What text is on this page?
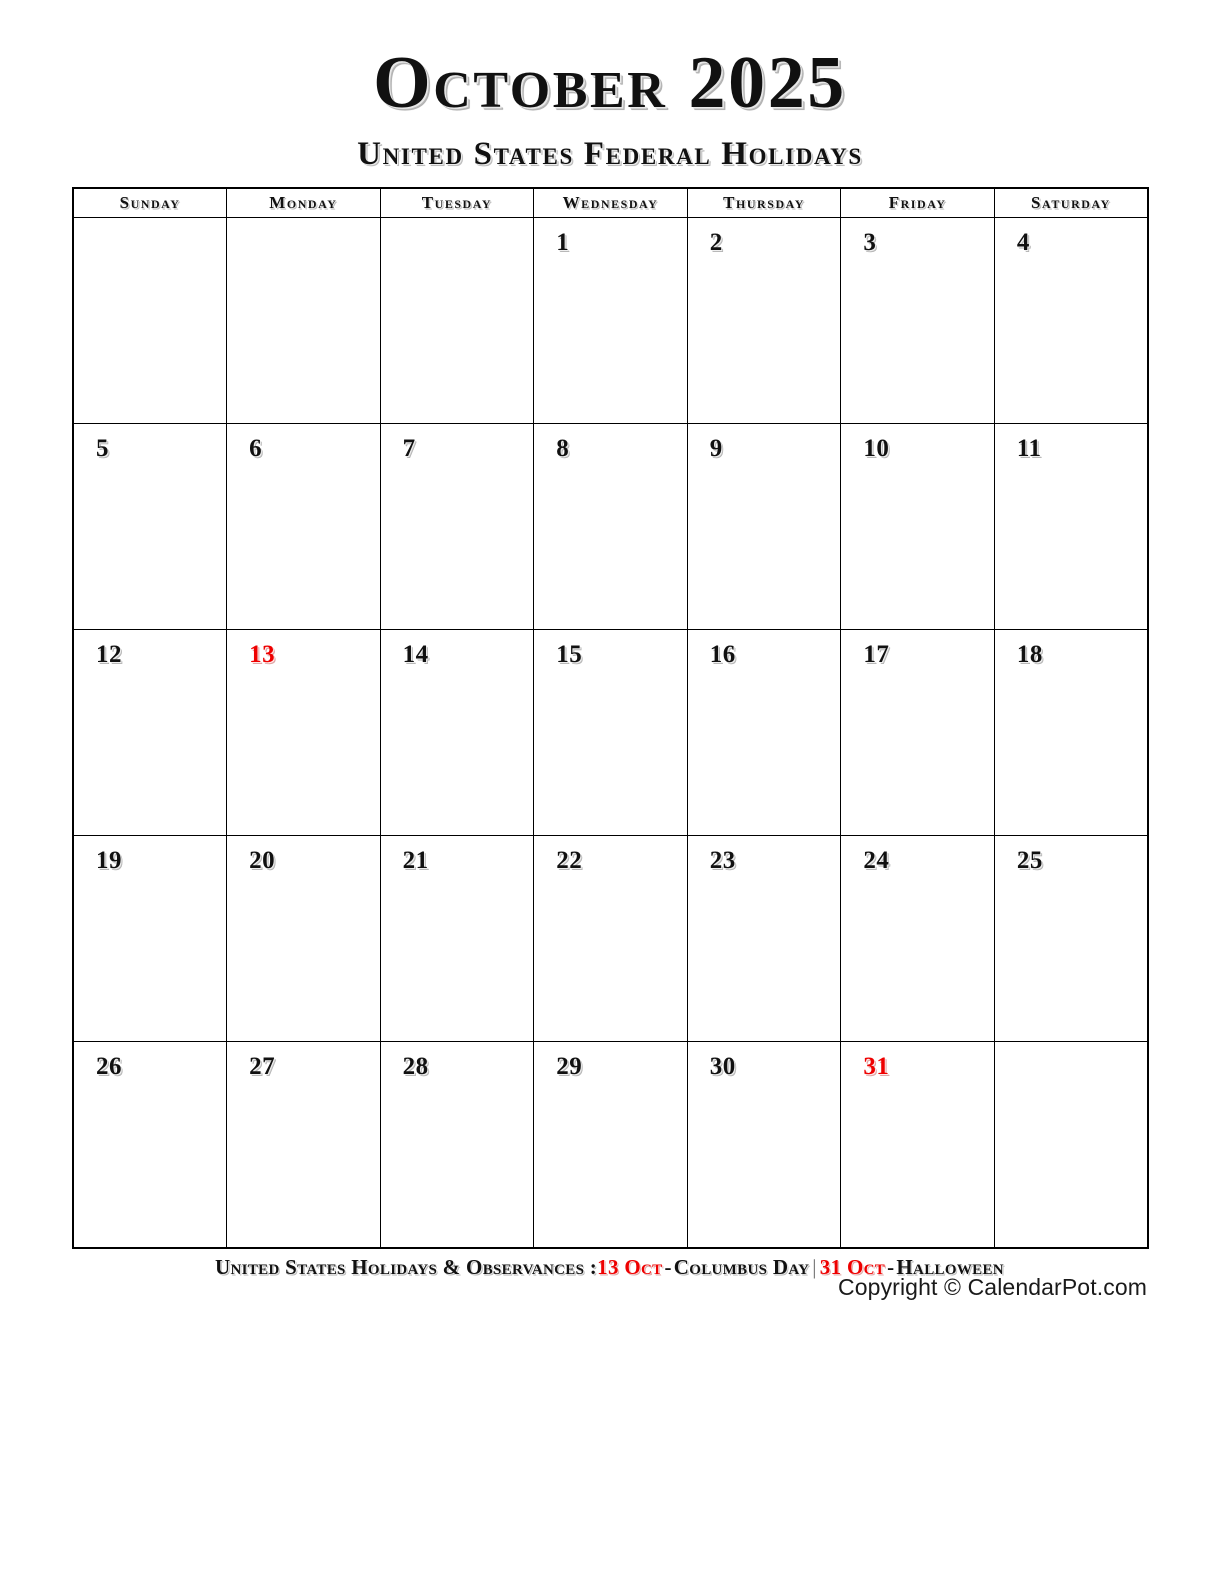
October 2025
United States Federal Holidays
Sunday	Monday	Tuesday	Wednesday	Thursday	Friday	Saturday

			1	2	3	4

5	6	7	8	9	10	11

12	13	14	15	16	17	18

19	20	21	22	23	24	25

26	27	28	29	30	31	

United States Holidays & Observances :13 Oct-Columbus Day | 31 Oct-Halloween
Copyright © CalendarPot.com
